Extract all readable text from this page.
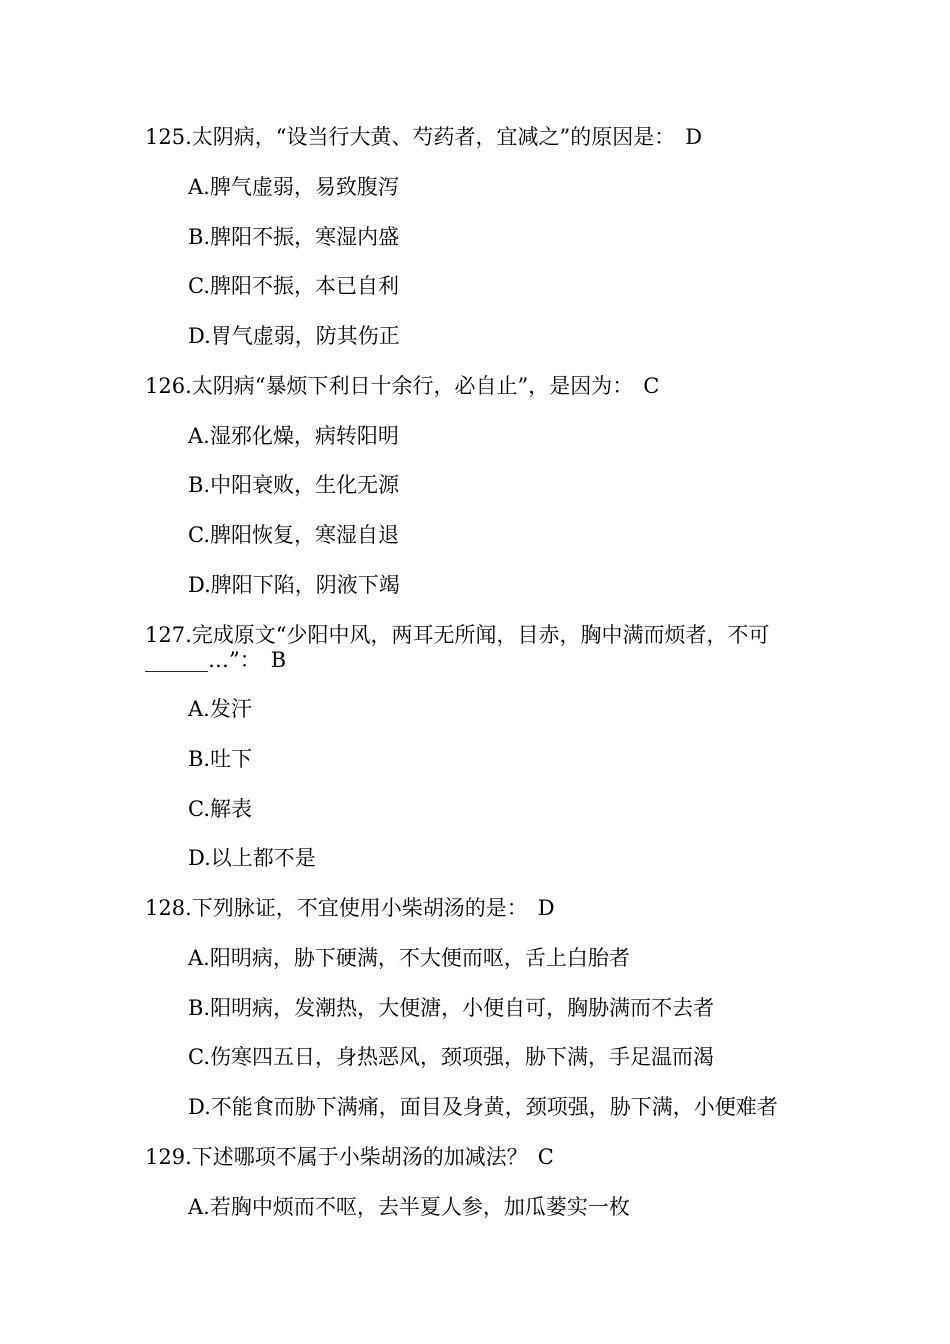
125.太阴病，“设当行大黄、芍药者，宜减之”的原因是： D
A.脾气虚弱，易致腹泻
B.脾阳不振，寒湿内盛
C.脾阳不振，本已自利
D.胃气虚弱，防其伤正
126.太阴病“暴烦下利日十余行，必自止”，是因为： C
A.湿邪化燥，病转阳明
B.中阳衰败，生化无源
C.脾阳恢复，寒湿自退
D.脾阳下陷，阴液下竭
127.完成原文“少阳中风，两耳无所闻，目赤，胸中满而烦者，不可______…”： B
A.发汗
B.吐下
C.解表
D.以上都不是
128.下列脉证，不宜使用小柴胡汤的是： D
A.阳明病，胁下硬满，不大便而呕，舌上白胎者
B.阳明病，发潮热，大便溏，小便自可，胸胁满而不去者
C.伤寒四五日，身热恶风，颈项强，胁下满，手足温而渴
D.不能食而胁下满痛，面目及身黄，颈项强，胁下满，小便难者
129.下述哪项不属于小柴胡汤的加减法？ C
A.若胸中烦而不呕，去半夏人参，加瓜蒌实一枚
